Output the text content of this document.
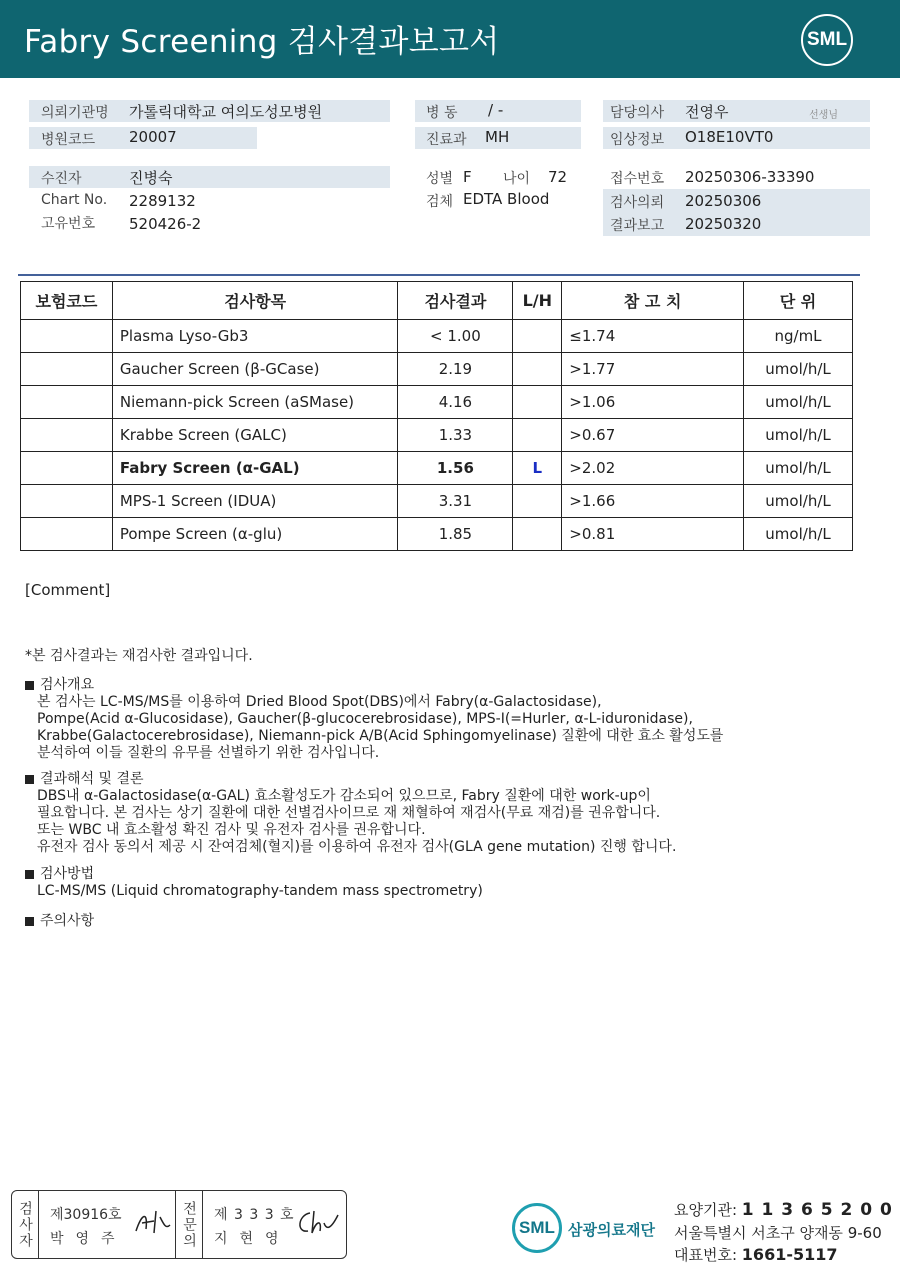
Fabry Screening 검사결과보고서	SML
의뢰기관명 가톨릭대학교 여의도성모병원
병원코드 20007
수진자	진병숙
Chart No. 2289132
고유번호 520426-2
병 동 / -
진료과 MH
성별 F 나이 72
검체 EDTA Blood
담당의사 전영우	선생님
임상정보 O18E10VT0
접수번호 20250306-33390
검사의뢰 20250306
결과보고 20250320
보험코드	검사항목	검사결과	L/H	참 고 치	단 위
	Plasma Lyso-Gb3	< 1.00		≤1.74	ng/mL
	Gaucher Screen (β-GCase)	2.19		>1.77	umol/h/L
	Niemann-pick Screen (aSMase)	4.16		>1.06	umol/h/L
	Krabbe Screen (GALC)	1.33		>0.67	umol/h/L
	Fabry Screen (α-GAL)	1.56	L	>2.02	umol/h/L
	MPS-1 Screen (IDUA)	3.31		>1.66	umol/h/L
	Pompe Screen (α-glu)	1.85		>0.81	umol/h/L
[Comment]
*본 검사결과는 재검사한 결과입니다.
검사개요
본 검사는 LC-MS/MS를 이용하여 Dried Blood Spot(DBS)에서 Fabry(α-Galactosidase),
Pompe(Acid α-Glucosidase), Gaucher(β-glucocerebrosidase), MPS-I(=Hurler, α-L-iduronidase),
Krabbe(Galactocerebrosidase), Niemann-pick A/B(Acid Sphingomyelinase) 질환에 대한 효소 활성도를
분석하여 이들 질환의 유무를 선별하기 위한 검사입니다.
결과해석 및 결론
DBS내 α-Galactosidase(α-GAL) 효소활성도가 감소되어 있으므로, Fabry 질환에 대한 work-up이
필요합니다. 본 검사는 상기 질환에 대한 선별검사이므로 재 채혈하여 재검사(무료 재검)를 권유합니다.
또는 WBC 내 효소활성 확진 검사 및 유전자 검사를 권유합니다.
유전자 검사 동의서 제공 시 잔여검체(혈지)를 이용하여 유전자 검사(GLA gene mutation) 진행 합니다.
검사방법
LC-MS/MS (Liquid chromatography-tandem mass spectrometry)
주의사항
검사자 제30916호
박영주	전문의 제 3 3 3 호
지현영
SML 삼광의료재단
요양기관: 1 1 3 6 5 2 0 0
서울특별시 서초구 양재동 9-60
대표번호: 1661-5117
